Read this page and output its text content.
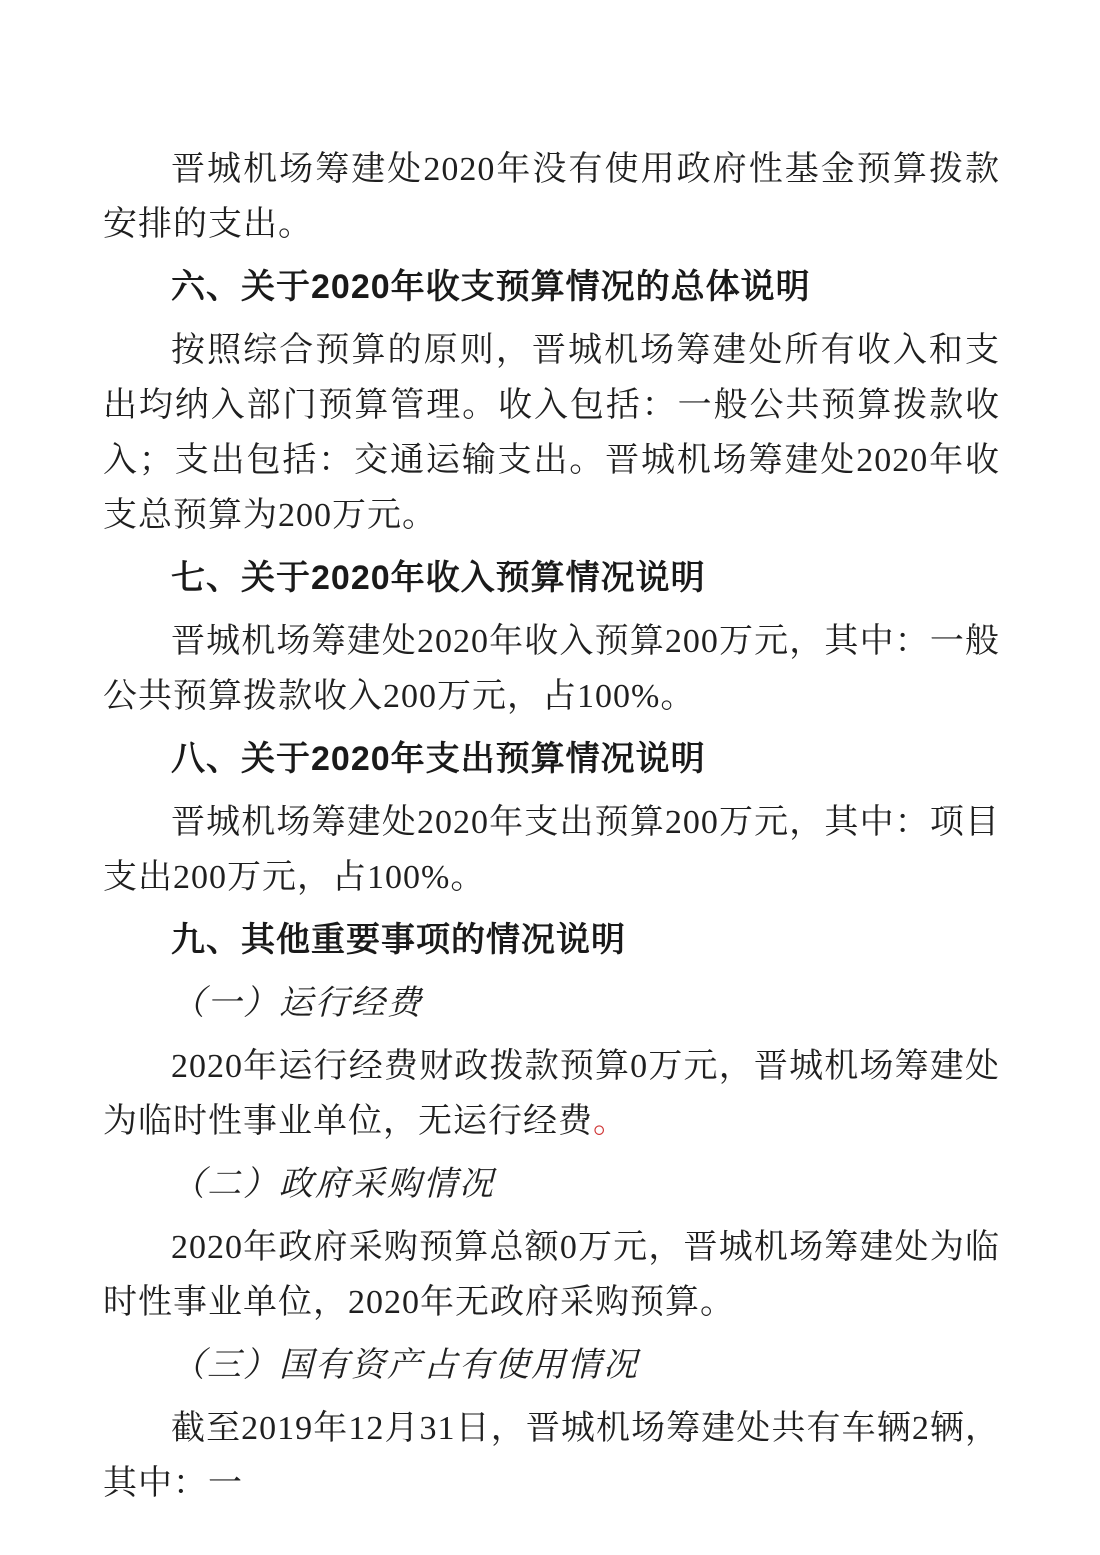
晋城机场筹建处2020年没有使用政府性基金预算拨款安排的支出。

六、关于2020年收支预算情况的总体说明

按照综合预算的原则，晋城机场筹建处所有收入和支出均纳入部门预算管理。收入包括：一般公共预算拨款收入；支出包括：交通运输支出。晋城机场筹建处2020年收支总预算为200万元。

七、关于2020年收入预算情况说明

晋城机场筹建处2020年收入预算200万元，其中：一般公共预算拨款收入200万元，占100%。

八、关于2020年支出预算情况说明

晋城机场筹建处2020年支出预算200万元，其中：项目支出200万元，占100%。

九、其他重要事项的情况说明
（一）运行经费

2020年运行经费财政拨款预算0万元，晋城机场筹建处为临时性事业单位，无运行经费。

（二）政府采购情况

2020年政府采购预算总额0万元，晋城机场筹建处为临时性事业单位，2020年无政府采购预算。

（三）国有资产占有使用情况

截至2019年12月31日，晋城机场筹建处共有车辆2辆，其中：一
